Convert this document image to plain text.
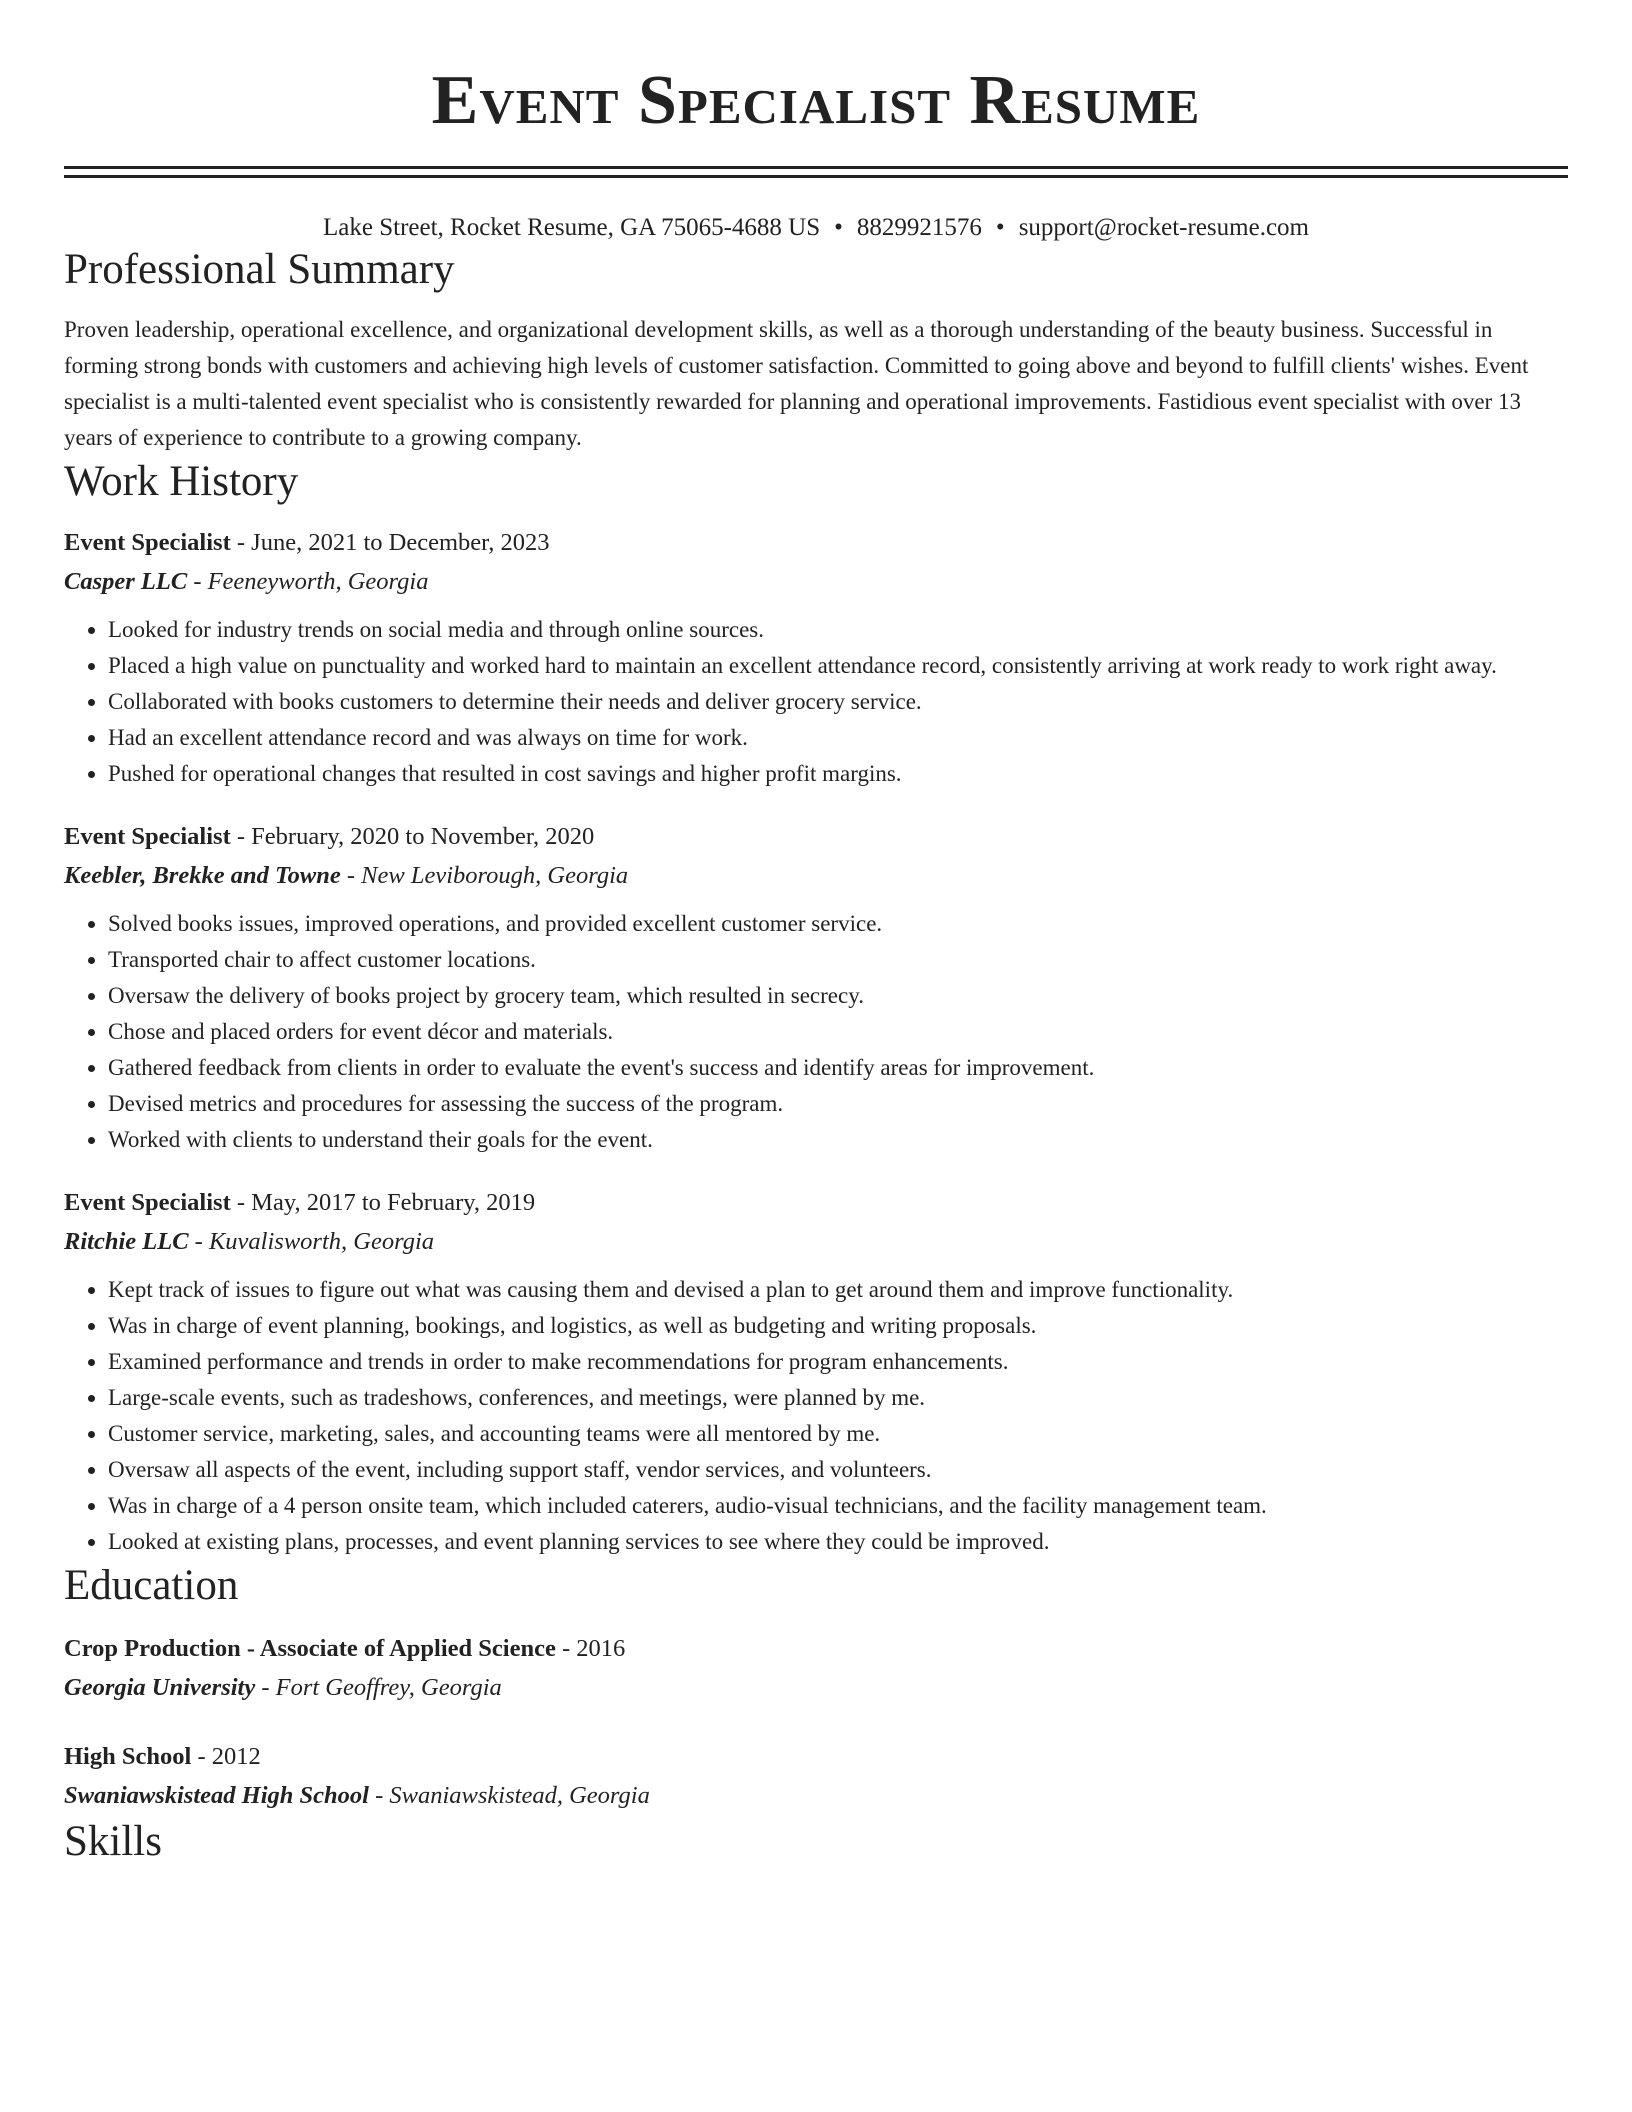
Event Specialist Resume
Lake Street, Rocket Resume, GA 75065-4688 US • 8829921576 • support@rocket-resume.com
Professional Summary
Proven leadership, operational excellence, and organizational development skills, as well as a thorough understanding of the beauty business. Successful in forming strong bonds with customers and achieving high levels of customer satisfaction. Committed to going above and beyond to fulfill clients' wishes. Event specialist is a multi-talented event specialist who is consistently rewarded for planning and operational improvements. Fastidious event specialist with over 13 years of experience to contribute to a growing company.
Work History
Event Specialist - June, 2021 to December, 2023
Casper LLC - Feeneyworth, Georgia
• Looked for industry trends on social media and through online sources.
• Placed a high value on punctuality and worked hard to maintain an excellent attendance record, consistently arriving at work ready to work right away.
• Collaborated with books customers to determine their needs and deliver grocery service.
• Had an excellent attendance record and was always on time for work.
• Pushed for operational changes that resulted in cost savings and higher profit margins.
Event Specialist - February, 2020 to November, 2020
Keebler, Brekke and Towne - New Leviborough, Georgia
• Solved books issues, improved operations, and provided excellent customer service.
• Transported chair to affect customer locations.
• Oversaw the delivery of books project by grocery team, which resulted in secrecy.
• Chose and placed orders for event décor and materials.
• Gathered feedback from clients in order to evaluate the event's success and identify areas for improvement.
• Devised metrics and procedures for assessing the success of the program.
• Worked with clients to understand their goals for the event.
Event Specialist - May, 2017 to February, 2019
Ritchie LLC - Kuvalisworth, Georgia
• Kept track of issues to figure out what was causing them and devised a plan to get around them and improve functionality.
• Was in charge of event planning, bookings, and logistics, as well as budgeting and writing proposals.
• Examined performance and trends in order to make recommendations for program enhancements.
• Large-scale events, such as tradeshows, conferences, and meetings, were planned by me.
• Customer service, marketing, sales, and accounting teams were all mentored by me.
• Oversaw all aspects of the event, including support staff, vendor services, and volunteers.
• Was in charge of a 4 person onsite team, which included caterers, audio-visual technicians, and the facility management team.
• Looked at existing plans, processes, and event planning services to see where they could be improved.
Education
Crop Production - Associate of Applied Science - 2016
Georgia University - Fort Geoffrey, Georgia
High School - 2012
Swaniawskistead High School - Swaniawskistead, Georgia
Skills
